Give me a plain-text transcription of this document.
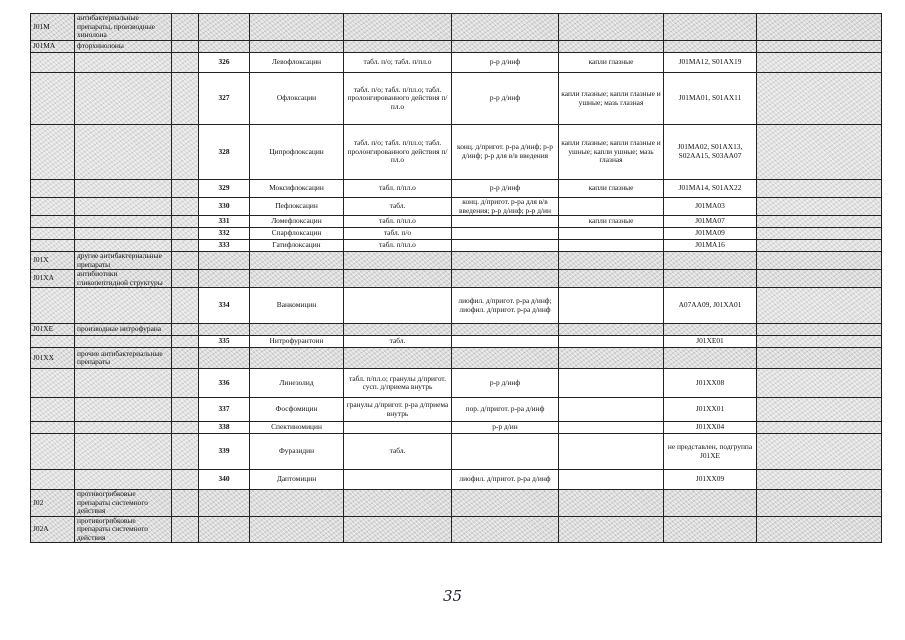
J01M	антибактериальные препараты, производные хинолона								
J01MA	фторхинолоны								
			326	Левофлоксацин	табл. п/о; табл. п/пл.о	р-р д/инф	капли глазные	J01MA12, S01AX19	
			327	Офлоксацин	табл. п/о; табл. п/пл.о; табл. пролонгированного действия п/пл.о	р-р д/инф	капли глазные; капли глазные и ушные; мазь глазная	J01MA01, S01AX11	
			328	Ципрофлоксацин	табл. п/о; табл. п/пл.о; табл. пролонгированного действия п/пл.о	конц. д/пригот. р-ра д/инф; р-р д/инф; р-р для в/в введения	капли глазные; капли глазные и ушные; капли ушные; мазь глазная	J01MA02, S01AX13, S02AA15, S03AA07	
			329	Моксифлоксацин	табл. п/пл.о	р-р д/инф	капли глазные	J01MA14, S01AX22	
			330	Пефлоксацин	табл.	конц. д/пригот. р-ра для в/в введения; р-р д/инф; р-р д/ин		J01MA03	
			331	Ломефлоксацин	табл. п/пл.о		капли глазные	J01MA07	
			332	Спарфлоксацин	табл. п/о			J01MA09	
			333	Гатифлоксацин	табл. п/пл.о			J01MA16	
J01X	другие антибактериальные препараты								
J01XA	антибиотики гликопептидной структуры								
			334	Ванкомицин		лиофил. д/пригот. р-ра д/инф; лиофил. д/пригот. р-ра д/инф		A07AA09, J01XA01	
J01XE	производные нитрофурана								
			335	Нитрофурантоин	табл.			J01XE01	
J01XX	прочие антибактериальные препараты								
			336	Линезолид	табл. п/пл.о; гранулы д/пригот. сусп. д/приема внутрь	р-р д/инф		J01XX08	
			337	Фосфомицин	гранулы д/пригот. р-ра д/приема внутрь	пор. д/пригот. р-ра д/инф		J01XX01	
			338	Спектиномицин		р-р д/ин		J01XX04	
			339	Фуразидин	табл.			не представлен, подгруппа J01XE	
			340	Даптомицин		лиофил. д/пригот. р-ра д/инф		J01XX09	
J02	противогрибковые препараты системного действия								
J02A	противогрибковые препараты системного действия								
35
